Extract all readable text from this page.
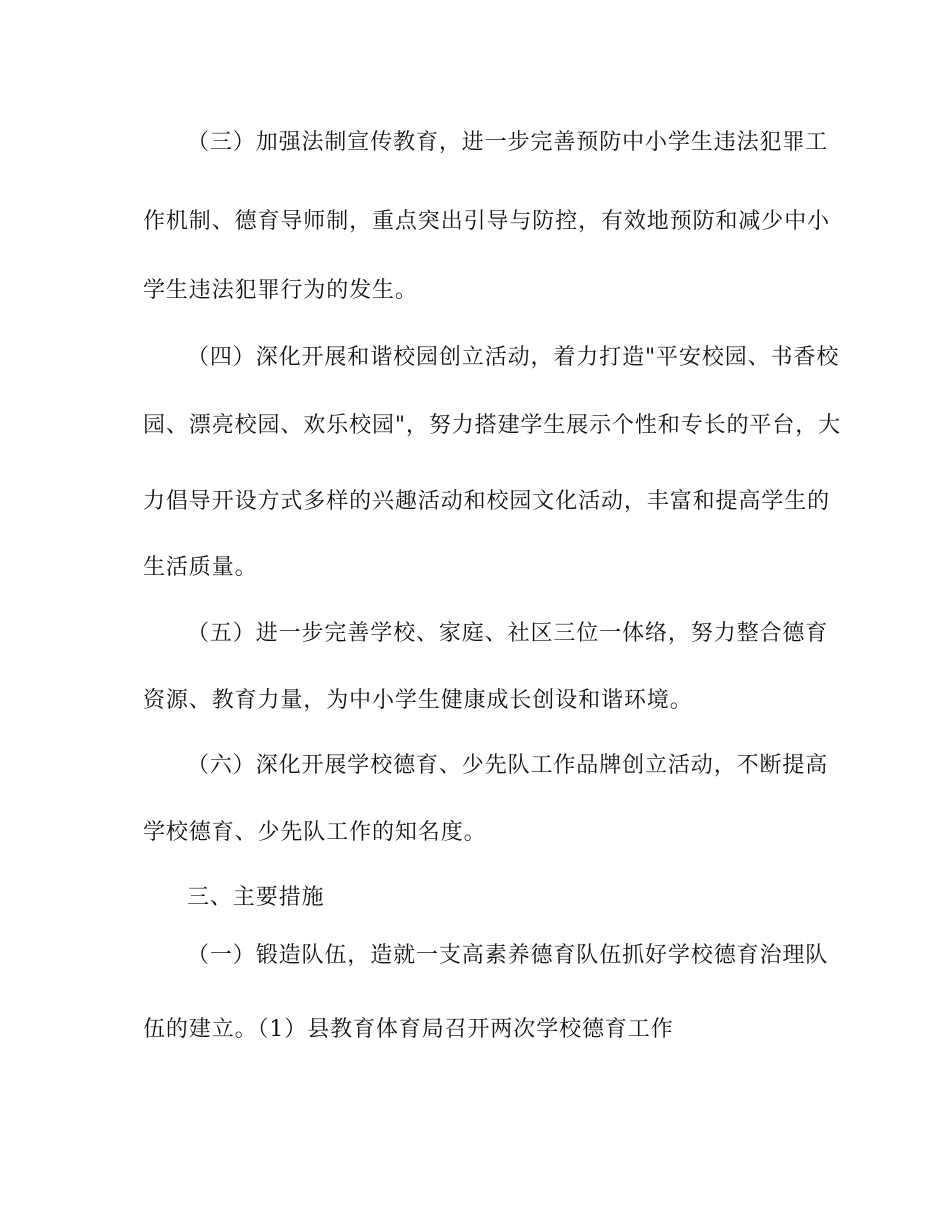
（三）加强法制宣传教育，进一步完善预防中小学生违法犯罪工

作机制、德育导师制，重点突出引导与防控，有效地预防和减少中小

学生违法犯罪行为的发生。

（四）深化开展和谐校园创立活动，着力打造"平安校园、书香校

园、漂亮校园、欢乐校园"，努力搭建学生展示个性和专长的平台，大

力倡导开设方式多样的兴趣活动和校园文化活动，丰富和提高学生的

生活质量。

（五）进一步完善学校、家庭、社区三位一体络，努力整合德育

资源、教育力量，为中小学生健康成长创设和谐环境。

（六）深化开展学校德育、少先队工作品牌创立活动，不断提高

学校德育、少先队工作的知名度。

三、主要措施

（一）锻造队伍，造就一支高素养德育队伍抓好学校德育治理队

伍的建立。（1）县教育体育局召开两次学校德育工作
